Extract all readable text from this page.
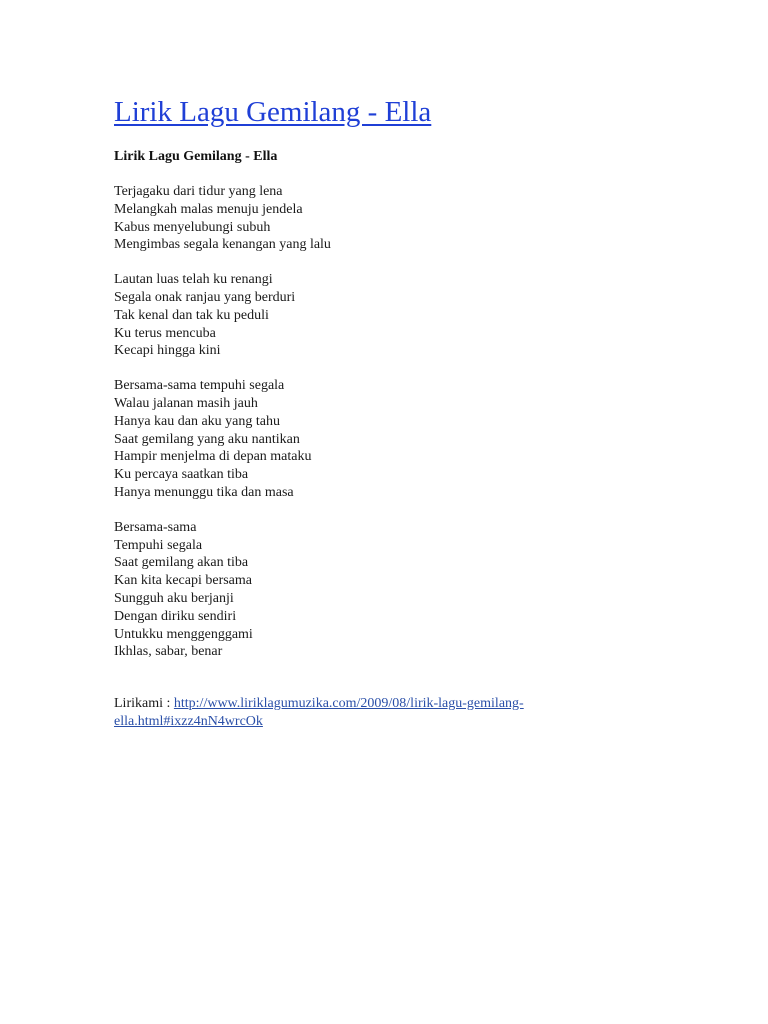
Lirik Lagu Gemilang - Ella
Lirik Lagu Gemilang - Ella
Terjagaku dari tidur yang lena
Melangkah malas menuju jendela
Kabus menyelubungi subuh
Mengimbas segala kenangan yang lalu
Lautan luas telah ku renangi
Segala onak ranjau yang berduri
Tak kenal dan tak ku peduli
Ku terus mencuba
Kecapi hingga kini
Bersama-sama tempuhi segala
Walau jalanan masih jauh
Hanya kau dan aku yang tahu
Saat gemilang yang aku nantikan
Hampir menjelma di depan mataku
Ku percaya saatkan tiba
Hanya menunggu tika dan masa
Bersama-sama
Tempuhi segala
Saat gemilang akan tiba
Kan kita kecapi bersama
Sungguh aku berjanji
Dengan diriku sendiri
Untukku menggenggami
Ikhlas, sabar, benar
Lirikami : http://www.liriklagumuzika.com/2009/08/lirik-lagu-gemilang-ella.html#ixzz4nN4wrcOk
